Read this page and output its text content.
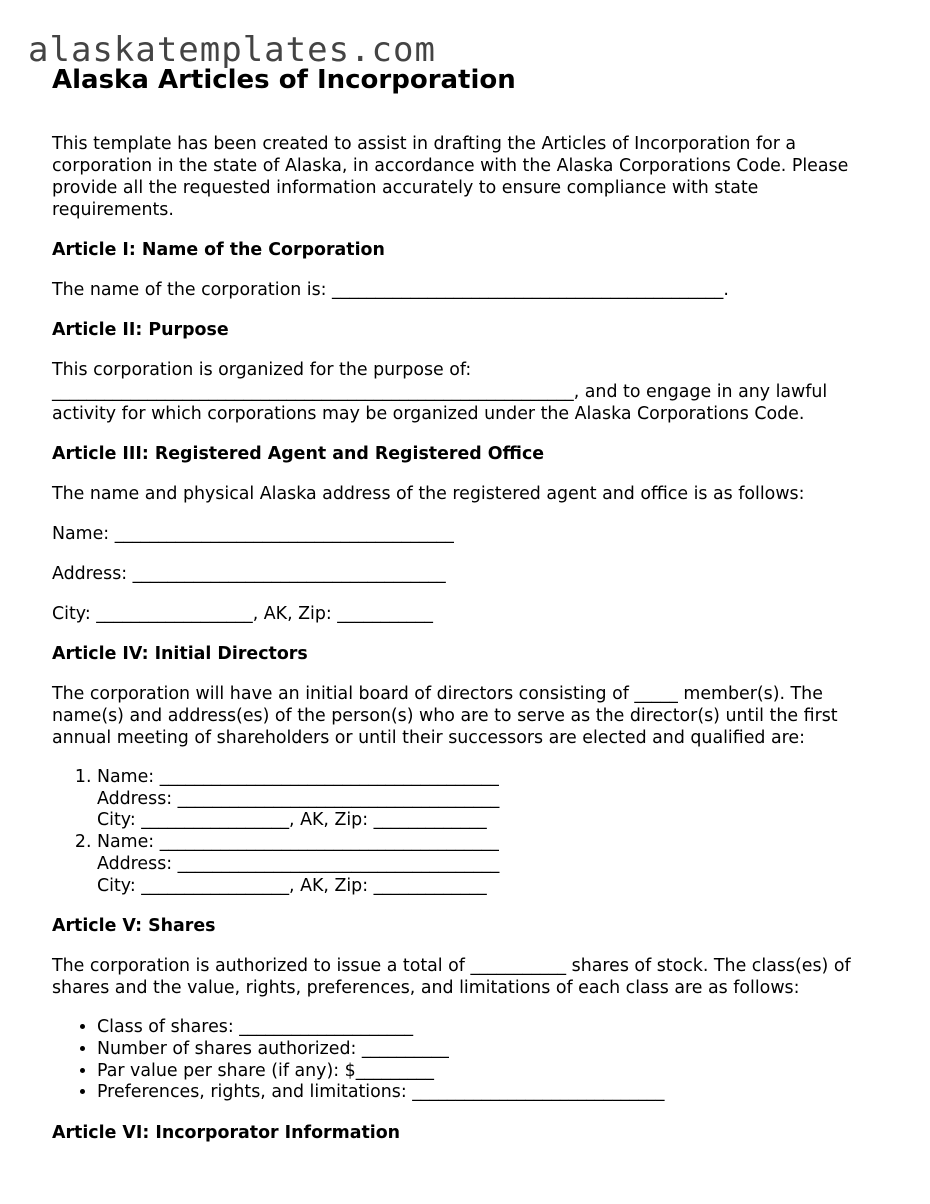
alaskatemplates.com
Alaska Articles of Incorporation

This template has been created to assist in drafting the Articles of Incorporation for a corporation in the state of Alaska, in accordance with the Alaska Corporations Code. Please provide all the requested information accurately to ensure compliance with state requirements.

Article I: Name of the Corporation

The name of the corporation is: _____________________________________________.

Article II: Purpose

This corporation is organized for the purpose of: ____________________________________________________________, and to engage in any lawful activity for which corporations may be organized under the Alaska Corporations Code.

Article III: Registered Agent and Registered Office

The name and physical Alaska address of the registered agent and office is as follows:

Name: _______________________________________

Address: ____________________________________

City: __________________, AK, Zip: ___________

Article IV: Initial Directors

The corporation will have an initial board of directors consisting of _____ member(s). The name(s) and address(es) of the person(s) who are to serve as the director(s) until the first annual meeting of shareholders or until their successors are elected and qualified are:

1. Name: _______________________________________
Address: _____________________________________
City: _________________, AK, Zip: _____________
2. Name: _______________________________________
Address: _____________________________________
City: _________________, AK, Zip: _____________
Article V: Shares

The corporation is authorized to issue a total of ___________ shares of stock. The class(es) of shares and the value, rights, preferences, and limitations of each class are as follows:

• Class of shares: ____________________
• Number of shares authorized: __________
• Par value per share (if any): $_________
• Preferences, rights, and limitations: _____________________________
Article VI: Incorporator Information
